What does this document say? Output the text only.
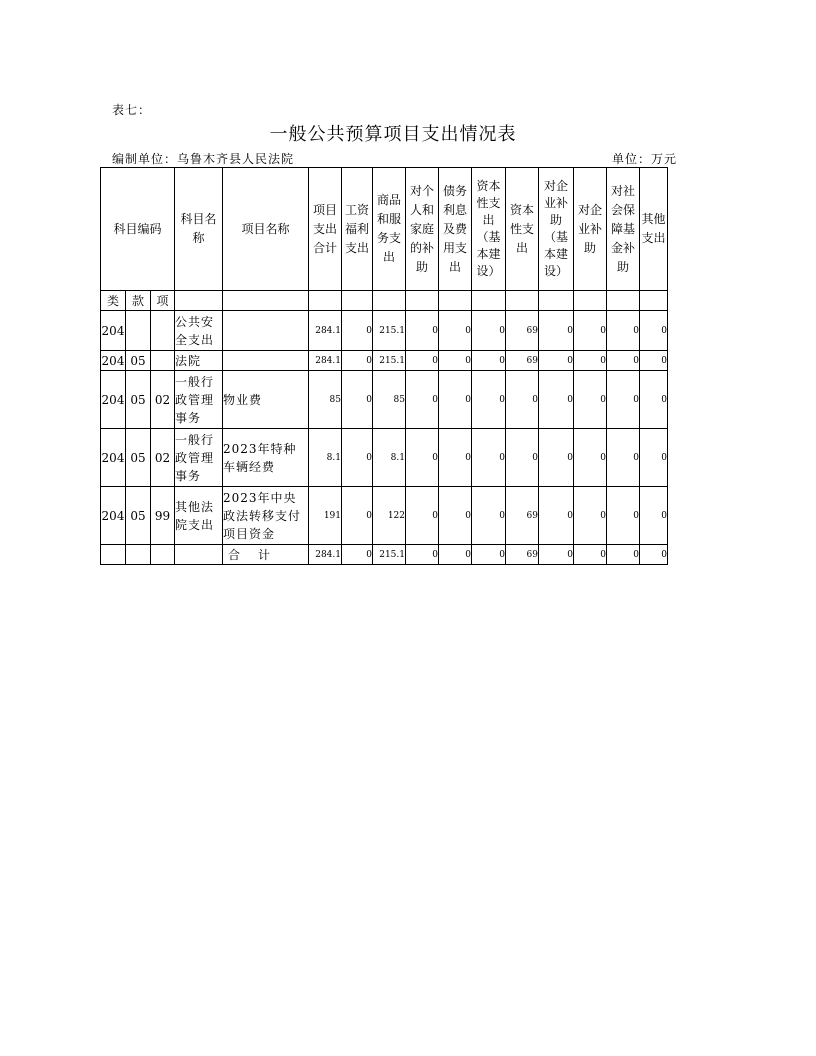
表七：
一般公共预算项目支出情况表
编制单位：乌鲁木齐县人民法院	单位：万元
科目编码			科目名称	项目名称	项目支出合计	工资福利支出	商品和服务支出	对个人和家庭的补助	债务利息及费用支出	资本性支出（基本建设）	资本性支出	对企业补助（基本建设）	对企业补助	对社会保障基金补助	其他支出
类	款	项													
204			公共安全支出		284.1	0	215.1	0	0	0	69	0	0	0	0
204	05		法院		284.1	0	215.1	0	0	0	69	0	0	0	0
204	05	02	一般行政管理事务	物业费	85	0	85	0	0	0	0	0	0	0	0
204	05	02	一般行政管理事务	2023年特种车辆经费	8.1	0	8.1	0	0	0	0	0	0	0	0
204	05	99	其他法院支出	2023年中央政法转移支付项目资金	191	0	122	0	0	0	69	0	0	0	0
				合　计	284.1	0	215.1	0	0	0	69	0	0	0	0
